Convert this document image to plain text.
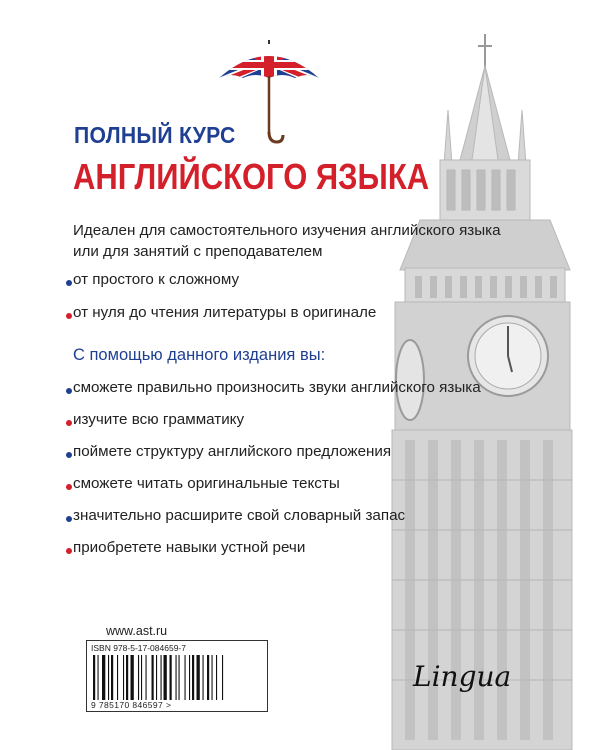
ПОЛНЫЙ КУРС
АНГЛИЙСКОГО ЯЗЫКА
Идеален для самостоятельного изучения английского языка или для занятий с преподавателем
от простого к сложному
от нуля до чтения литературы в оригинале
С помощью данного издания вы:
сможете правильно произносить звуки английского языка
изучите всю грамматику
поймете структуру английского предложения
сможете читать оригинальные тексты
значительно расширите свой словарный запас
приобретете навыки устной речи
www.ast.ru
ISBN 978-5-17-084659-7
9 785170 846597 >
Lingua
